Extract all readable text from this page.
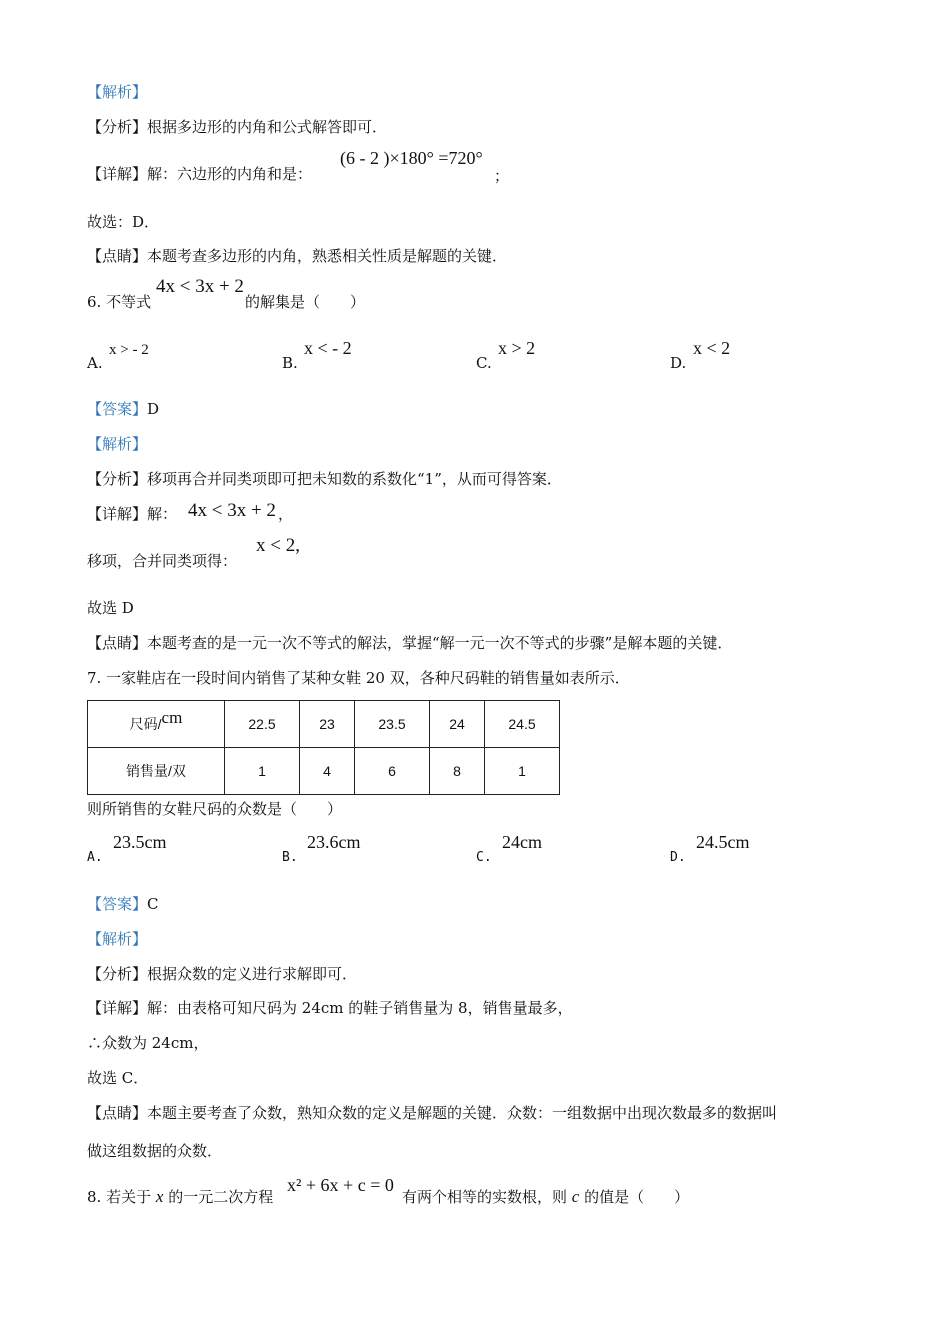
【解析】
【分析】根据多边形的内角和公式解答即可．
【详解】解：六边形的内角和是：
(6 - 2 )×180° =720°
；
故选：D．
【点睛】本题考查多边形的内角，熟悉相关性质是解题的关键．
6. 不等式
4x < 3x + 2
的解集是（　　）
A.
x > - 2
B.
x < - 2
C.
x > 2
D.
x < 2
【答案】D
【解析】
【分析】移项再合并同类项即可把未知数的系数化“1”，从而可得答案．
【详解】解： 4x < 3x + 2 ，
移项，合并同类项得：
x < 2,
故选 D
【点睛】本题考查的是一元一次不等式的解法，掌握“解一元一次不等式的步骤”是解本题的关键．
7. 一家鞋店在一段时间内销售了某种女鞋 20 双，各种尺码鞋的销售量如表所示．
尺码/cm	22.5	23	23.5	24	24.5
销售量/双	1	4	6	8	1
则所销售的女鞋尺码的众数是（　　）
A.
23.5cm
B.
23.6cm
C.
24cm
D.
24.5cm
【答案】C
【解析】
【分析】根据众数的定义进行求解即可．
【详解】解：由表格可知尺码为 24cm 的鞋子销售量为 8，销售量最多，
∴众数为 24cm，
故选 C．
【点睛】本题主要考查了众数，熟知众数的定义是解题的关键．众数：一组数据中出现次数最多的数据叫
做这组数据的众数．
8. 若关于 x 的一元二次方程
x² + 6x + c = 0
有两个相等的实数根，则 c 的值是（　　）
